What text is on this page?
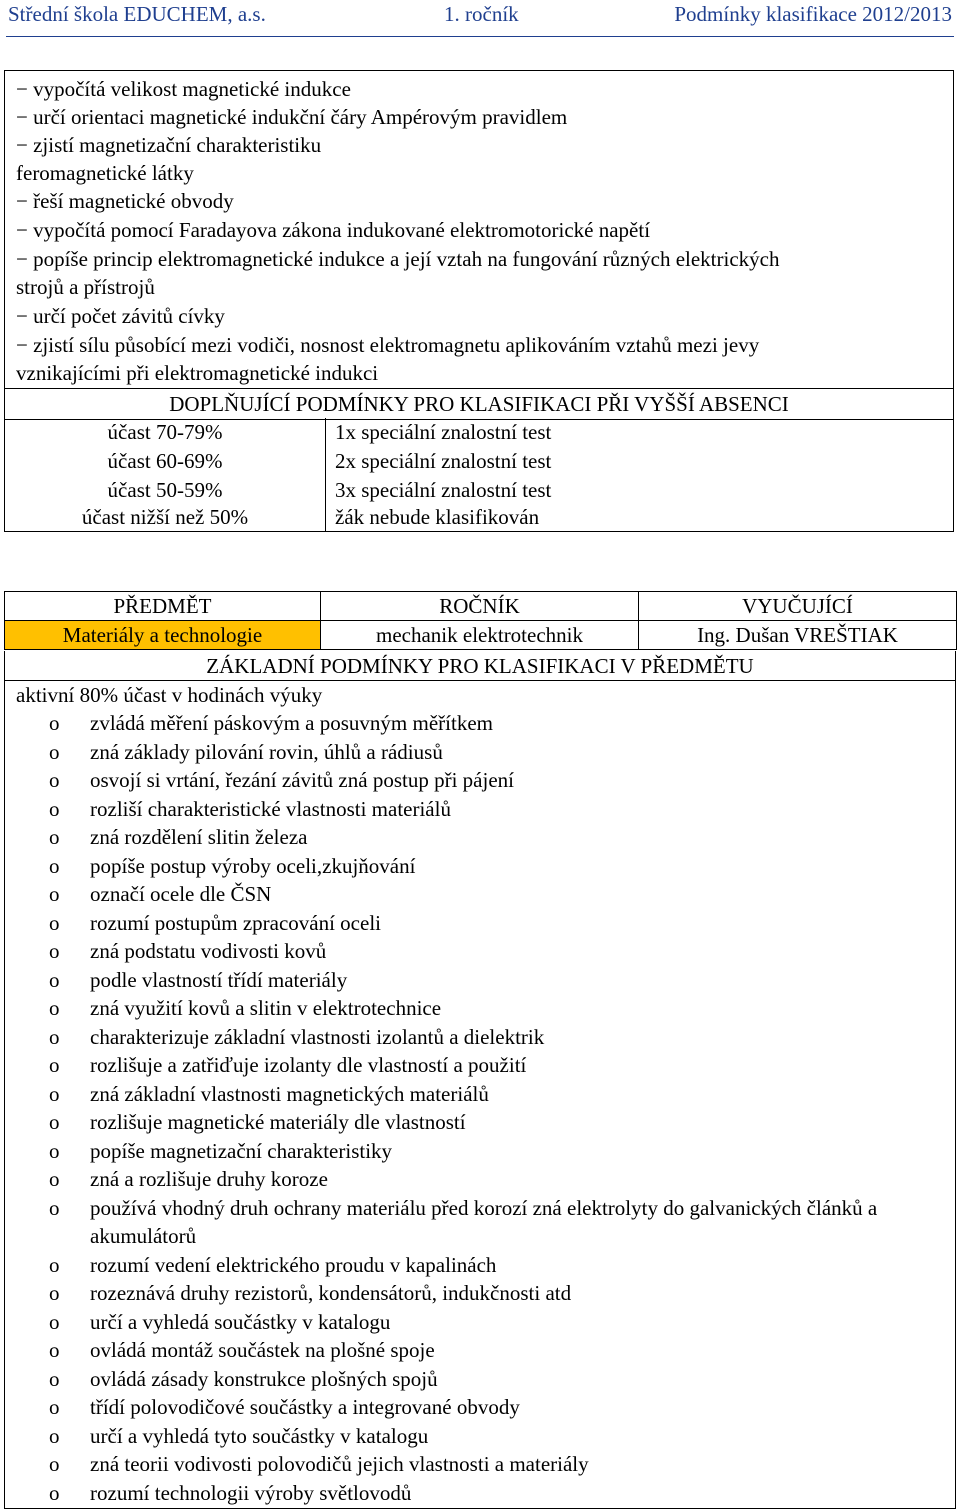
Střední škola EDUCHEM, a.s.	1. ročník	Podmínky klasifikace 2012/2013
− vypočítá velikost magnetické indukce
− určí orientaci magnetické indukční čáry Ampérovým pravidlem
− zjistí magnetizační charakteristiku
feromagnetické látky
− řeší magnetické obvody
− vypočítá pomocí Faradayova zákona indukované elektromotorické napětí
− popíše princip elektromagnetické indukce a její vztah na fungování různých elektrických
strojů a přístrojů
− určí počet závitů cívky
− zjistí sílu působící mezi vodiči, nosnost elektromagnetu aplikováním vztahů mezi jevy
vznikajícími při elektromagnetické indukci
DOPLŇUJÍCÍ PODMÍNKY PRO KLASIFIKACI PŘI VYŠŠÍ ABSENCI
účast 70-79%	1x speciální znalostní test
účast 60-69%	2x speciální znalostní test
účast 50-59%	3x speciální znalostní test
účast nižší než 50%	žák nebude klasifikován
PŘEDMĚT	ROČNÍK	VYUČUJÍCÍ
Materiály a technologie	mechanik elektrotechnik	Ing. Dušan VREŠTIAK
ZÁKLADNÍ PODMÍNKY PRO KLASIFIKACI V PŘEDMĚTU
aktivní 80% účast v hodinách výuky
o zvládá měření páskovým a posuvným měřítkem
o zná základy pilování rovin, úhlů a rádiusů
o osvojí si vrtání, řezání závitů zná postup při pájení
o rozliší charakteristické vlastnosti materiálů
o zná rozdělení slitin železa
o popíše postup výroby oceli,zkujňování
o označí ocele dle ČSN
o rozumí postupům zpracování oceli
o zná podstatu vodivosti kovů
o podle vlastností třídí materiály
o zná využití kovů a slitin v elektrotechnice
o charakterizuje základní vlastnosti izolantů a dielektrik
o rozlišuje a zatřiďuje izolanty dle vlastností a použití
o zná základní vlastnosti magnetických materiálů
o rozlišuje magnetické materiály dle vlastností
o popíše magnetizační charakteristiky
o zná a rozlišuje druhy koroze
o používá vhodný druh ochrany materiálu před korozí zná elektrolyty do galvanických článků a akumulátorů
o rozumí vedení elektrického proudu v kapalinách
o rozeznává druhy rezistorů, kondensátorů, indukčnosti atd
o určí a vyhledá součástky v katalogu
o ovládá montáž součástek na plošné spoje
o ovládá zásady konstrukce plošných spojů
o třídí polovodičové součástky a integrované obvody
o určí a vyhledá tyto součástky v katalogu
o zná teorii vodivosti polovodičů jejich vlastnosti a materiály
o rozumí technologii výroby světlovodů
